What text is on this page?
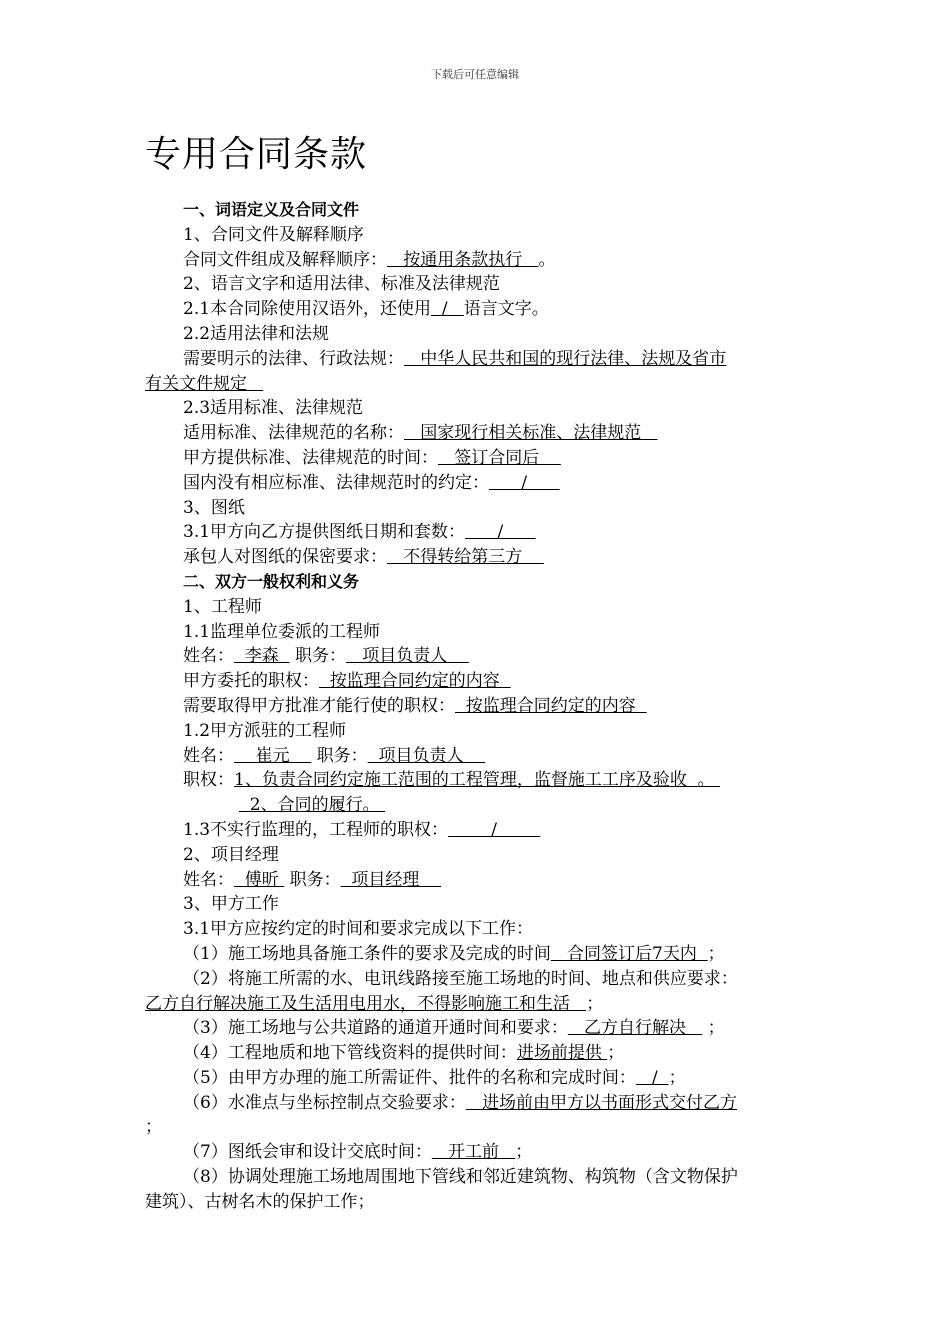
下载后可任意编辑
专用合同条款
一、词语定义及合同文件
1、合同文件及解释顺序
合同文件组成及解释顺序：   按通用条款执行   。
2、语言文字和适用法律、标准及法律规范
2.1本合同除使用汉语外，还使用  /   语言文字。
2.2适用法律和法规
需要明示的法律、行政法规：   中华人民共和国的现行法律、法规及省市
有关文件规定
2.3适用标准、法律规范
适用标准、法律规范的名称：   国家现行相关标准、法律规范
甲方提供标准、法律规范的时间：   签订合同后
国内没有相应标准、法律规范时的约定：      /
3、图纸
3.1甲方向乙方提供图纸日期和套数：      /
承包人对图纸的保密要求：   不得转给第三方
二、双方一般权利和义务
1、工程师
1.1监理单位委派的工程师
姓名：  李森   职务：   项目负责人
甲方委托的职权：  按监理合同约定的内容
需要取得甲方批准才能行使的职权：  按监理合同约定的内容
1.2甲方派驻的工程师
姓名：    崔元     职务：  项目负责人
职权：1、负责合同约定施工范围的工程管理，监督施工工序及验收  。
2、合同的履行。
1.3不实行监理的，工程师的职权：        /
2、项目经理
姓名：  傅昕  职务：  项目经理
3、甲方工作
3.1甲方应按约定的时间和要求完成以下工作：
（1）施工场地具备施工条件的要求及完成的时间   合同签订后7天内  ；
（2）将施工所需的水、电讯线路接至施工场地的时间、地点和供应要求：
乙方自行解决施工及生活用电用水，不得影响施工和生活   ；
（3）施工场地与公共道路的通道开通时间和要求：   乙方自行解决    ；
（4）工程地质和地下管线资料的提供时间：进场前提供 ；
（5）由甲方办理的施工所需证件、批件的名称和完成时间：   /  ；
（6）水准点与坐标控制点交验要求：   进场前由甲方以书面形式交付乙方
；
（7）图纸会审和设计交底时间：   开工前   ；
（8）协调处理施工场地周围地下管线和邻近建筑物、构筑物（含文物保护
建筑）、古树名木的保护工作；
